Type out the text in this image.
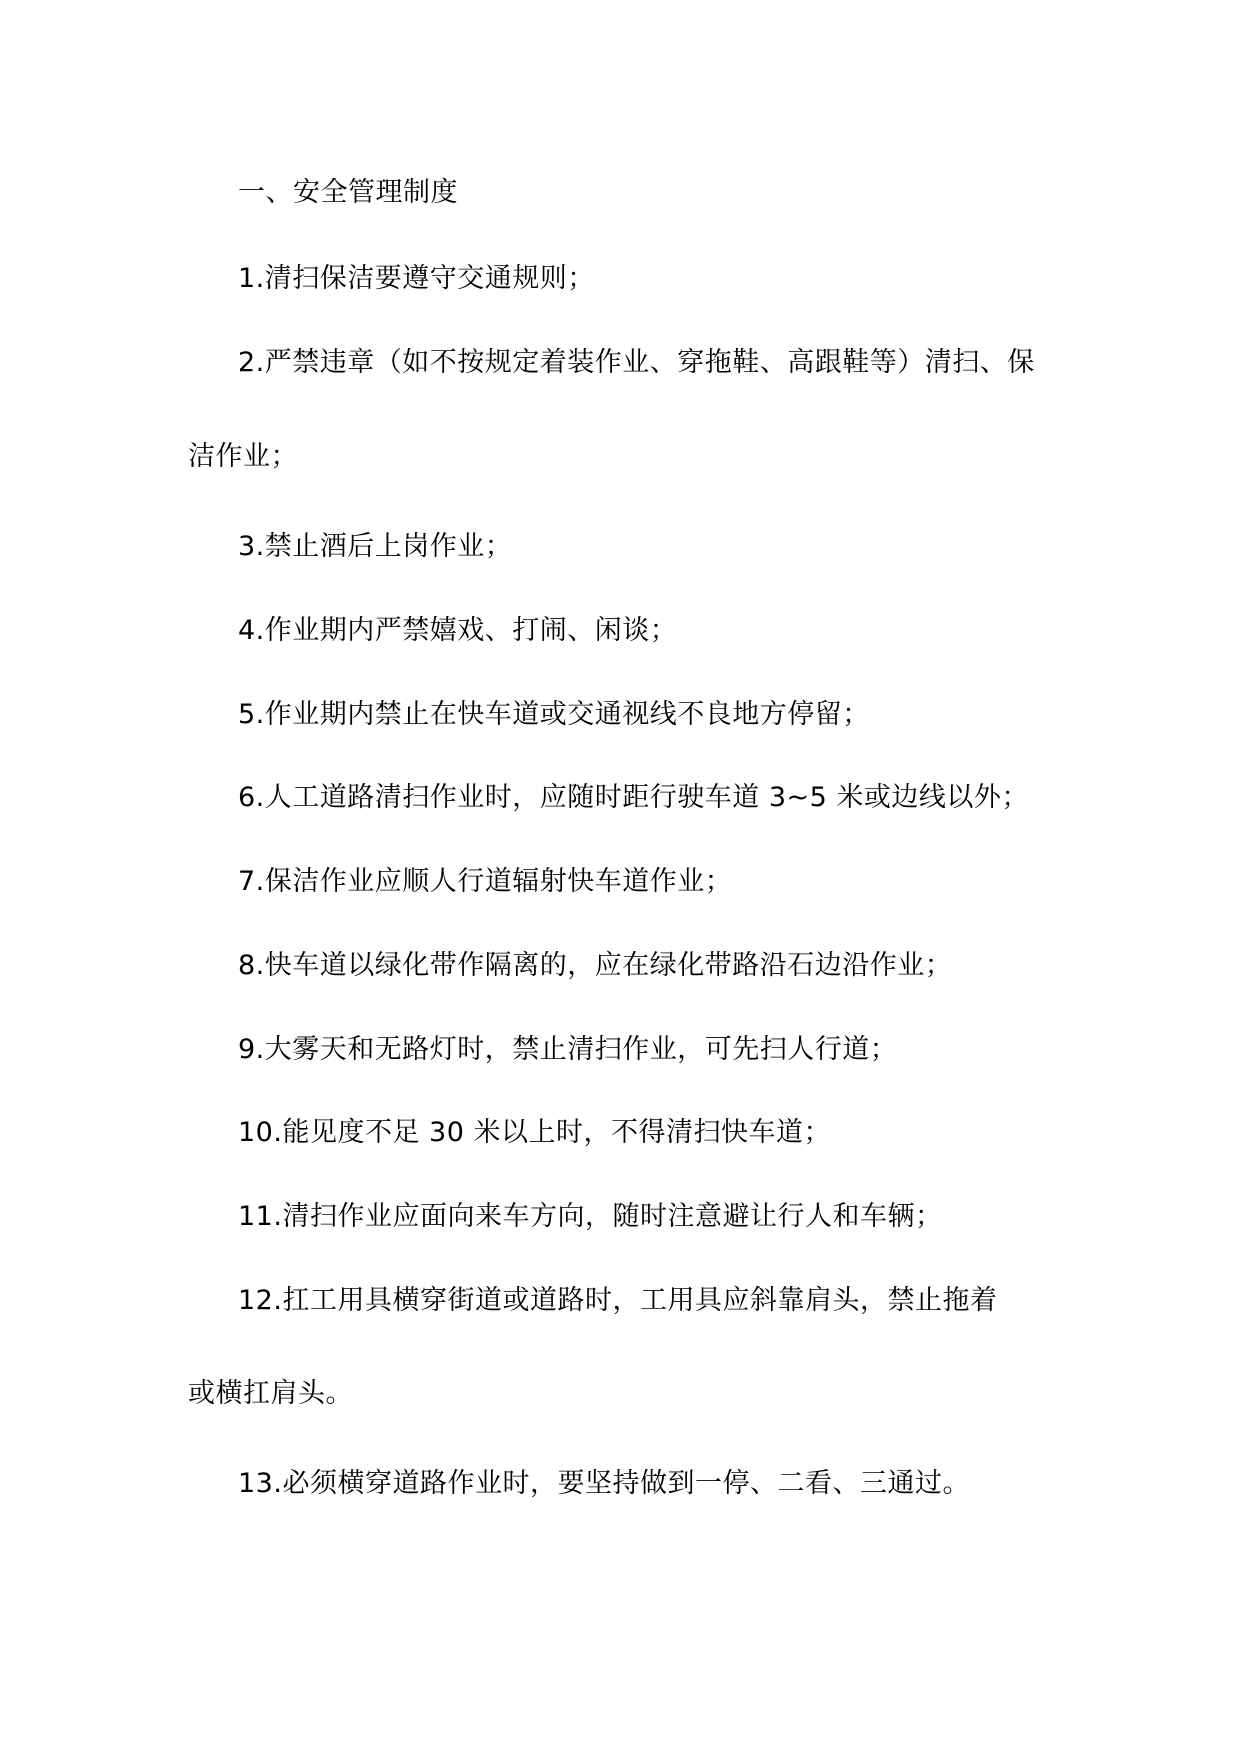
一、安全管理制度
1.清扫保洁要遵守交通规则；
2.严禁违章（如不按规定着装作业、穿拖鞋、高跟鞋等）清扫、保
洁作业；
3.禁止酒后上岗作业；
4.作业期内严禁嬉戏、打闹、闲谈；
5.作业期内禁止在快车道或交通视线不良地方停留；
6.人工道路清扫作业时，应随时距行驶车道 3~5 米或边线以外；
7.保洁作业应顺人行道辐射快车道作业；
8.快车道以绿化带作隔离的，应在绿化带路沿石边沿作业；
9.大雾天和无路灯时，禁止清扫作业，可先扫人行道；
10.能见度不足 30 米以上时，不得清扫快车道；
11.清扫作业应面向来车方向，随时注意避让行人和车辆；
12.扛工用具横穿街道或道路时，工用具应斜靠肩头，禁止拖着
或横扛肩头。
13.必须横穿道路作业时，要坚持做到一停、二看、三通过。
